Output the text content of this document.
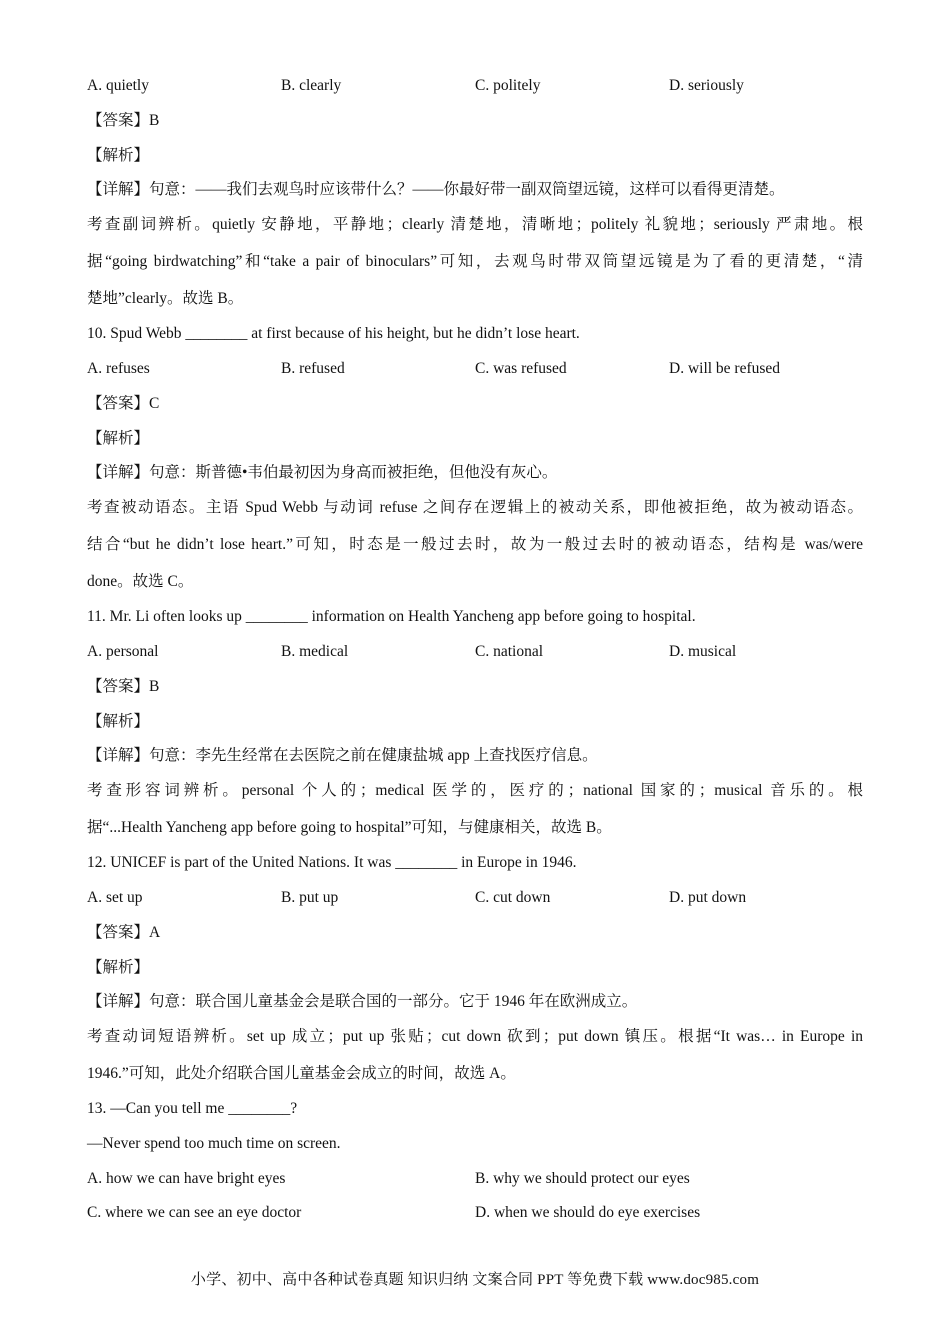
A. quietly	B. clearly	C. politely	D. seriously
【答案】B
【解析】
【详解】句意：——我们去观鸟时应该带什么？——你最好带一副双筒望远镜，这样可以看得更清楚。
考查副词辨析。quietly 安静地，平静地；clearly 清楚地，清晰地；politely 礼貌地；seriously 严肃地。根
据“going birdwatching”和“take a pair of binoculars”可知，去观鸟时带双筒望远镜是为了看的更清楚，“清
楚地”clearly。故选 B。
10. Spud Webb ________ at first because of his height, but he didn’t lose heart.
A. refuses	B. refused	C. was refused	D. will be refused
【答案】C
【解析】
【详解】句意：斯普德•韦伯最初因为身高而被拒绝，但他没有灰心。
考查被动语态。主语 Spud Webb 与动词 refuse 之间存在逻辑上的被动关系，即他被拒绝，故为被动语态。
结合“but he didn’t lose heart.”可知，时态是一般过去时，故为一般过去时的被动语态，结构是 was/were
done。故选 C。
11. Mr. Li often looks up ________ information on Health Yancheng app before going to hospital.
A. personal	B. medical	C. national	D. musical
【答案】B
【解析】
【详解】句意：李先生经常在去医院之前在健康盐城 app 上查找医疗信息。
考查形容词辨析。personal 个人的；medical 医学的，医疗的；national 国家的；musical 音乐的。根
据“...Health Yancheng app before going to hospital”可知，与健康相关，故选 B。
12. UNICEF is part of the United Nations. It was ________ in Europe in 1946.
A. set up	B. put up	C. cut down	D. put down
【答案】A
【解析】
【详解】句意：联合国儿童基金会是联合国的一部分。它于 1946 年在欧洲成立。
考查动词短语辨析。set up 成立；put up 张贴；cut down 砍到；put down 镇压。根据“It was… in Europe in
1946.”可知，此处介绍联合国儿童基金会成立的时间，故选 A。
13. —Can you tell me ________?
—Never spend too much time on screen.
A. how we can have bright eyes	B. why we should protect our eyes
C. where we can see an eye doctor	D. when we should do eye exercises
小学、初中、高中各种试卷真题 知识归纳 文案合同 PPT 等免费下载 www.doc985.com
